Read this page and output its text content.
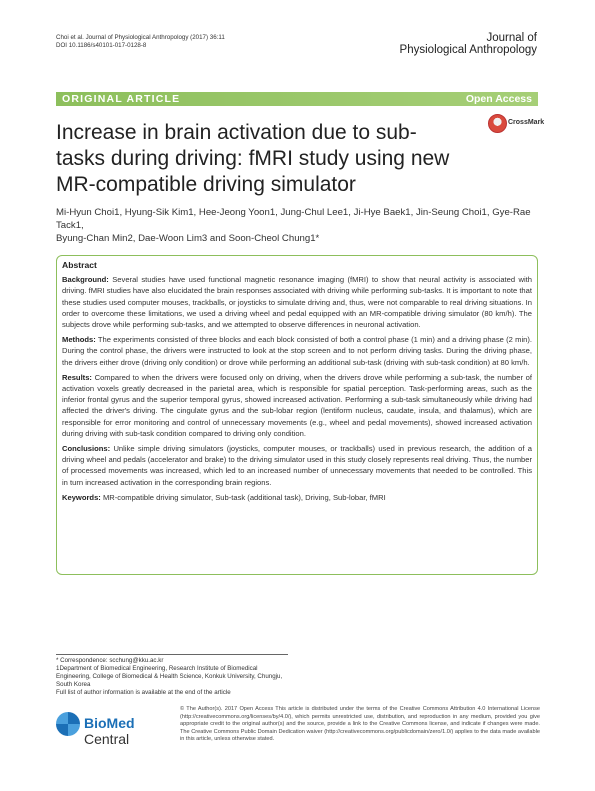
Choi et al. Journal of Physiological Anthropology (2017) 36:11
DOI 10.1186/s40101-017-0128-8
Journal of
Physiological Anthropology
ORIGINAL ARTICLE	Open Access
Increase in brain activation due to sub-tasks during driving: fMRI study using new MR-compatible driving simulator
CrossMark
Mi-Hyun Choi1, Hyung-Sik Kim1, Hee-Jeong Yoon1, Jung-Chul Lee1, Ji-Hye Baek1, Jin-Seung Choi1, Gye-Rae Tack1,
Byung-Chan Min2, Dae-Woon Lim3 and Soon-Cheol Chung1*
Abstract

Background: Several studies have used functional magnetic resonance imaging (fMRI) to show that neural activity is associated with driving. fMRI studies have also elucidated the brain responses associated with driving while performing sub-tasks. It is important to note that these studies used computer mouses, trackballs, or joysticks to simulate driving and, thus, were not comparable to real driving situations. In order to overcome these limitations, we used a driving wheel and pedal equipped with an MR-compatible driving simulator (80 km/h). The subjects drove while performing sub-tasks, and we attempted to observe differences in neuronal activation.

Methods: The experiments consisted of three blocks and each block consisted of both a control phase (1 min) and a driving phase (2 min). During the control phase, the drivers were instructed to look at the stop screen and to not perform driving tasks. During the driving phase, the drivers either drove (driving only condition) or drove while performing an additional sub-task (driving with sub-task condition) at 80 km/h.

Results: Compared to when the drivers were focused only on driving, when the drivers drove while performing a sub-task, the number of activation voxels greatly decreased in the parietal area, which is responsible for spatial perception. Task-performing areas, such as the inferior frontal gyrus and the superior temporal gyrus, showed increased activation. Performing a sub-task simultaneously while driving had affected the driver's driving. The cingulate gyrus and the sub-lobar region (lentiform nucleus, caudate, insula, and thalamus), which are responsible for error monitoring and control of unnecessary movements (e.g., wheel and pedal movements), showed increased activation during driving with sub-task condition compared to driving only condition.

Conclusions: Unlike simple driving simulators (joysticks, computer mouses, or trackballs) used in previous research, the addition of a driving wheel and pedals (accelerator and brake) to the driving simulator used in this study closely represents real driving. Thus, the number of processed movements was increased, which led to an increased number of unnecessary movements that needed to be controlled. This in turn increased activation in the corresponding brain regions.

Keywords: MR-compatible driving simulator, Sub-task (additional task), Driving, Sub-lobar, fMRI

* Correspondence: scchung@kku.ac.kr
1Department of Biomedical Engineering, Research Institute of Biomedical Engineering, College of Biomedical & Health Science, Konkuk University, Chungju, South Korea
Full list of author information is available at the end of the article
BioMed Central
© The Author(s). 2017 Open Access This article is distributed under the terms of the Creative Commons Attribution 4.0 International License (http://creativecommons.org/licenses/by/4.0/), which permits unrestricted use, distribution, and reproduction in any medium, provided you give appropriate credit to the original author(s) and the source, provide a link to the Creative Commons license, and indicate if changes were made. The Creative Commons Public Domain Dedication waiver (http://creativecommons.org/publicdomain/zero/1.0/) applies to the data made available in this article, unless otherwise stated.
